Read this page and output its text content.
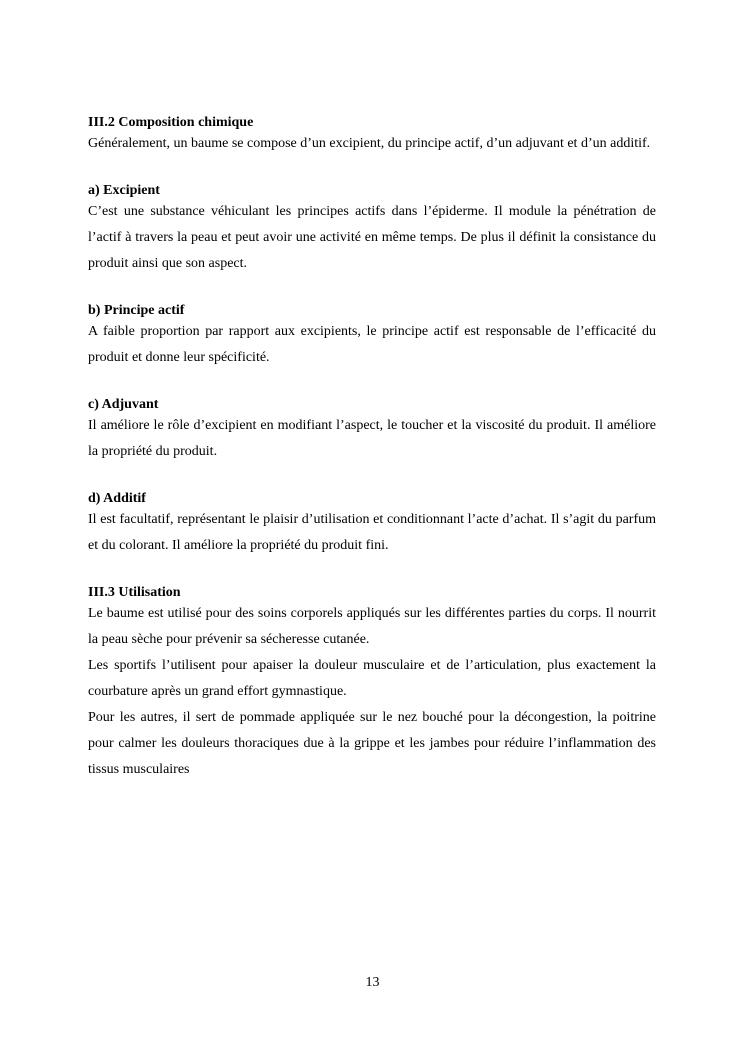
III.2 Composition chimique

Généralement, un baume se compose d’un excipient, du principe actif, d’un adjuvant et d’un additif.

a) Excipient

C’est une substance véhiculant les principes actifs dans l’épiderme. Il module la pénétration de l’actif à travers la peau et peut avoir une activité en même temps. De plus il définit la consistance du produit ainsi que son aspect.

b) Principe actif

A faible proportion par rapport aux excipients, le principe actif est responsable de l’efficacité du produit et donne leur spécificité.

c) Adjuvant

Il améliore le rôle d’excipient en modifiant l’aspect, le toucher et la viscosité du produit. Il améliore la propriété du produit.

d) Additif

Il est facultatif, représentant le plaisir d’utilisation et conditionnant l’acte d’achat. Il s’agit du parfum et du colorant. Il améliore la propriété du produit fini.

III.3 Utilisation

Le baume est utilisé pour des soins corporels appliqués sur les différentes parties du corps. Il nourrit la peau sèche pour prévenir sa sécheresse cutanée.

Les sportifs l’utilisent pour apaiser la douleur musculaire et de l’articulation, plus exactement la courbature après un grand effort gymnastique.

Pour les autres, il sert de pommade appliquée sur le nez bouché pour la décongestion, la poitrine pour calmer les douleurs thoraciques due à la grippe et les jambes pour réduire l’inflammation des tissus musculaires

13
